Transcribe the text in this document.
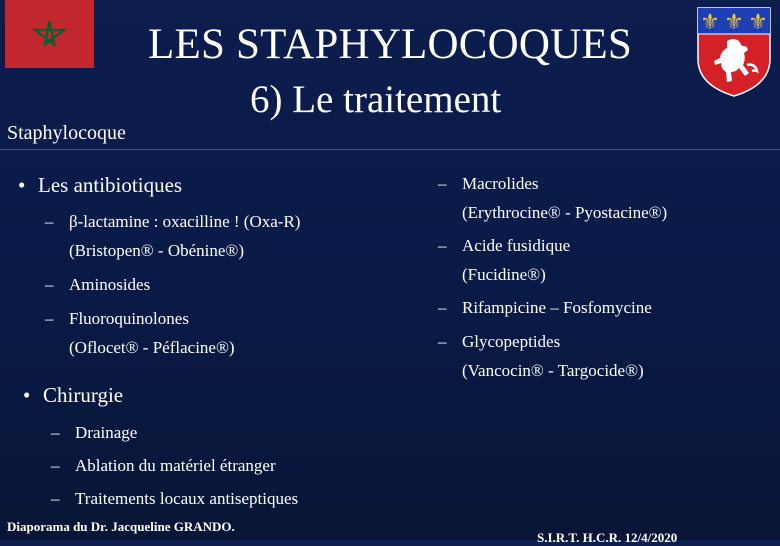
⚜ ⚜ ⚜
LES STAPHYLOCOQUES
6) Le traitement
Staphylocoque
• Les antibiotiques
– β-lactamine : oxacilline ! (Oxa-R)
(Bristopen® - Obénine®)
– Aminosides
– Fluoroquinolones
(Oflocet® - Péflacine®)
• Chirurgie
– Drainage
– Ablation du matériel étranger
– Traitements locaux antiseptiques
– Macrolides
(Erythrocine® - Pyostacine®)
– Acide fusidique
(Fucidine®)
– Rifampicine – Fosfomycine
– Glycopeptides
(Vancocin® - Targocide®)
Diaporama du Dr. Jacqueline GRANDO.
S.I.R.T. H.C.R. 12/4/2020
